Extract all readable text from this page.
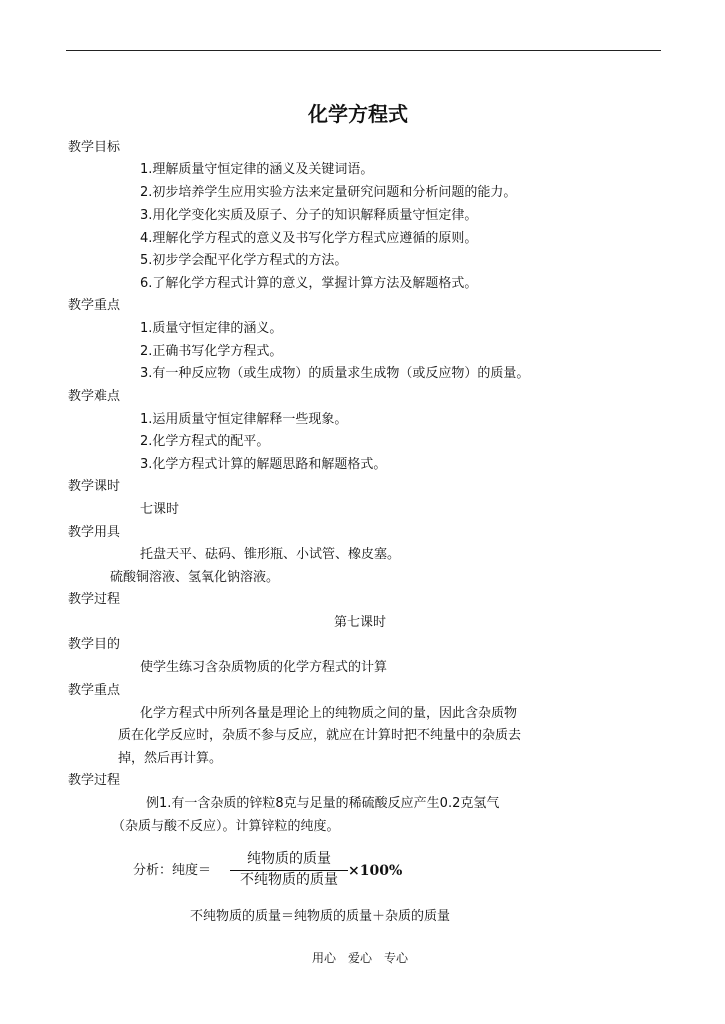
化学方程式
教学目标
1.理解质量守恒定律的涵义及关键词语。
2.初步培养学生应用实验方法来定量研究问题和分析问题的能力。
3.用化学变化实质及原子、分子的知识解释质量守恒定律。
4.理解化学方程式的意义及书写化学方程式应遵循的原则。
5.初步学会配平化学方程式的方法。
6.了解化学方程式计算的意义，掌握计算方法及解题格式。
教学重点
1.质量守恒定律的涵义。
2.正确书写化学方程式。
3.有一种反应物（或生成物）的质量求生成物（或反应物）的质量。
教学难点
1.运用质量守恒定律解释一些现象。
2.化学方程式的配平。
3.化学方程式计算的解题思路和解题格式。
教学课时
七课时
教学用具
托盘天平、砝码、锥形瓶、小试管、橡皮塞。
硫酸铜溶液、氢氧化钠溶液。
教学过程
第七课时
教学目的
使学生练习含杂质物质的化学方程式的计算
教学重点
化学方程式中所列各量是理论上的纯物质之间的量，因此含杂质物
质在化学反应时，杂质不参与反应，就应在计算时把不纯量中的杂质去
掉，然后再计算。
教学过程
例1.有一含杂质的锌粒8克与足量的稀硫酸反应产生0.2克氢气
（杂质与酸不反应）。计算锌粒的纯度。
分析：纯度＝
纯物质的质量
不纯物质的质量
×100%
不纯物质的质量＝纯物质的质量＋杂质的质量
用心　爱心　专心
